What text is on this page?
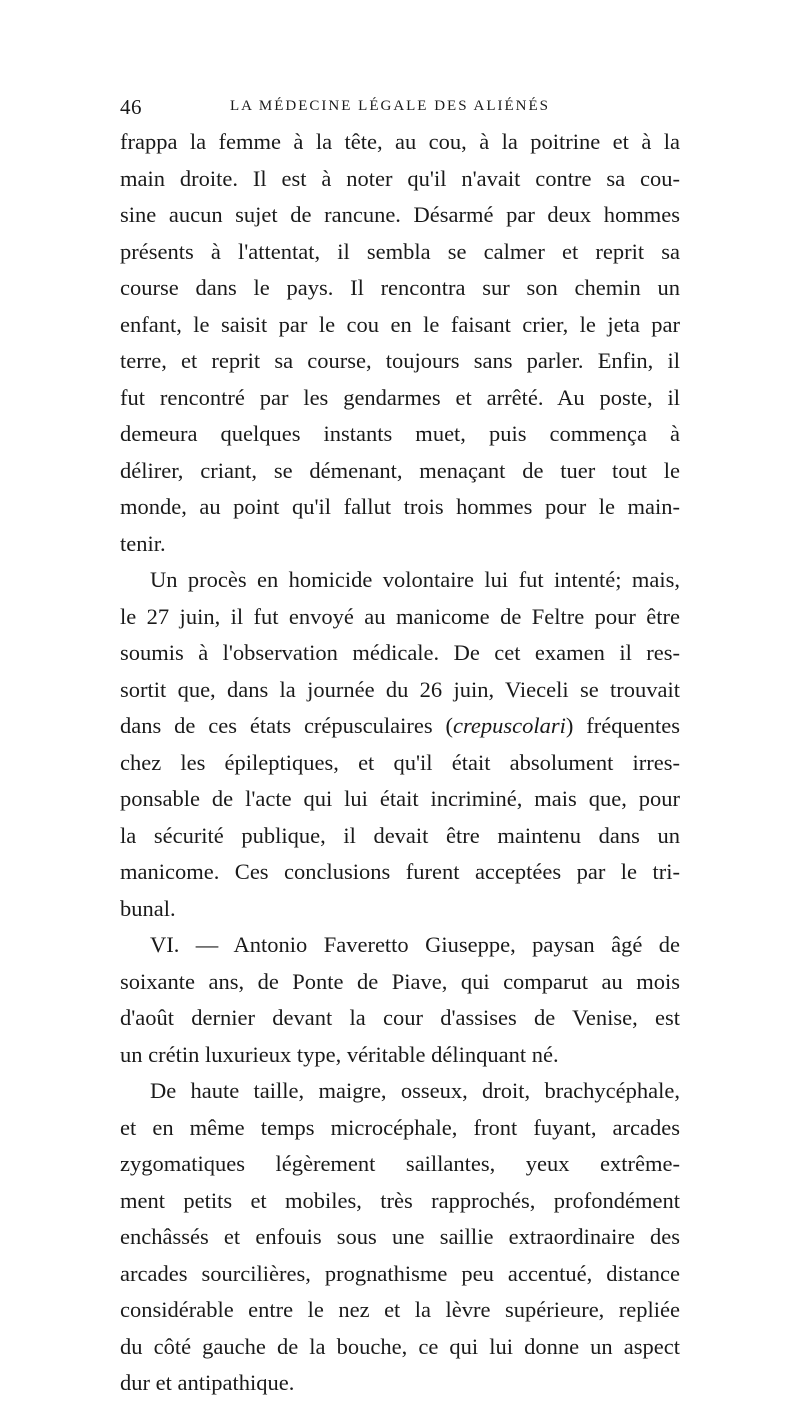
46	LA MÉDECINE LÉGALE DES ALIÉNÉS
frappa la femme à la tête, au cou, à la poitrine et à la
main droite. Il est à noter qu'il n'avait contre sa cou-
sine aucun sujet de rancune. Désarmé par deux hommes
présents à l'attentat, il sembla se calmer et reprit sa
course dans le pays. Il rencontra sur son chemin un
enfant, le saisit par le cou en le faisant crier, le jeta par
terre, et reprit sa course, toujours sans parler. Enfin, il
fut rencontré par les gendarmes et arrêté. Au poste, il
demeura quelques instants muet, puis commença à
délirer, criant, se démenant, menaçant de tuer tout le
monde, au point qu'il fallut trois hommes pour le main-
tenir.
Un procès en homicide volontaire lui fut intenté; mais,
le 27 juin, il fut envoyé au manicome de Feltre pour être
soumis à l'observation médicale. De cet examen il res-
sortit que, dans la journée du 26 juin, Vieceli se trouvait
dans de ces états crépusculaires (crepuscolari) fréquentes
chez les épileptiques, et qu'il était absolument irres-
ponsable de l'acte qui lui était incriminé, mais que, pour
la sécurité publique, il devait être maintenu dans un
manicome. Ces conclusions furent acceptées par le tri-
bunal.
VI. — Antonio Faveretto Giuseppe, paysan âgé de
soixante ans, de Ponte de Piave, qui comparut au mois
d'août dernier devant la cour d'assises de Venise, est
un crétin luxurieux type, véritable délinquant né.
De haute taille, maigre, osseux, droit, brachycéphale,
et en même temps microcéphale, front fuyant, arcades
zygomatiques légèrement saillantes, yeux extrême-
ment petits et mobiles, très rapprochés, profondément
enchâssés et enfouis sous une saillie extraordinaire des
arcades sourcilières, prognathisme peu accentué, distance
considérable entre le nez et la lèvre supérieure, repliée
du côté gauche de la bouche, ce qui lui donne un aspect
dur et antipathique.
